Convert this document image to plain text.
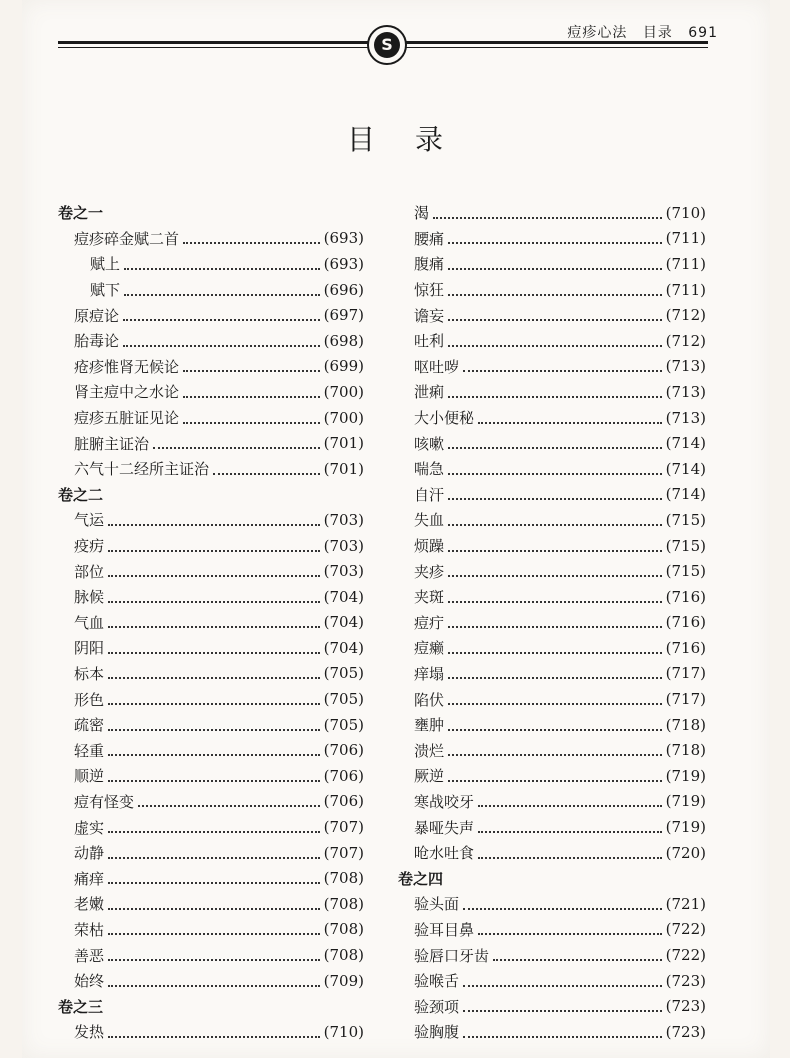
痘疹心法 目录 691
S
目录
卷之一
痘疹碎金赋二首	(693)
赋上	(693)
赋下	(696)
原痘论	(697)
胎毒论	(698)
疮疹惟肾无候论	(699)
肾主痘中之水论	(700)
痘疹五脏证见论	(700)
脏腑主证治	(701)
六气十二经所主证治	(701)
卷之二
气运	(703)
疫疠	(703)
部位	(703)
脉候	(704)
气血	(704)
阴阳	(704)
标本	(705)
形色	(705)
疏密	(705)
轻重	(706)
顺逆	(706)
痘有怪变	(706)
虚实	(707)
动静	(707)
痛痒	(708)
老嫩	(708)
荣枯	(708)
善恶	(708)
始终	(709)
卷之三
发热	(710)
渴	(710)
腰痛	(711)
腹痛	(711)
惊狂	(711)
谵妄	(712)
吐利	(712)
呕吐哕	(713)
泄痢	(713)
大小便秘	(713)
咳嗽	(714)
喘急	(714)
自汗	(714)
失血	(715)
烦躁	(715)
夹疹	(715)
夹斑	(716)
痘疔	(716)
痘癞	(716)
痒塌	(717)
陷伏	(717)
壅肿	(718)
溃烂	(718)
厥逆	(719)
寒战咬牙	(719)
暴哑失声	(719)
呛水吐食	(720)
卷之四
验头面	(721)
验耳目鼻	(722)
验唇口牙齿	(722)
验喉舌	(723)
验颈项	(723)
验胸腹	(723)
